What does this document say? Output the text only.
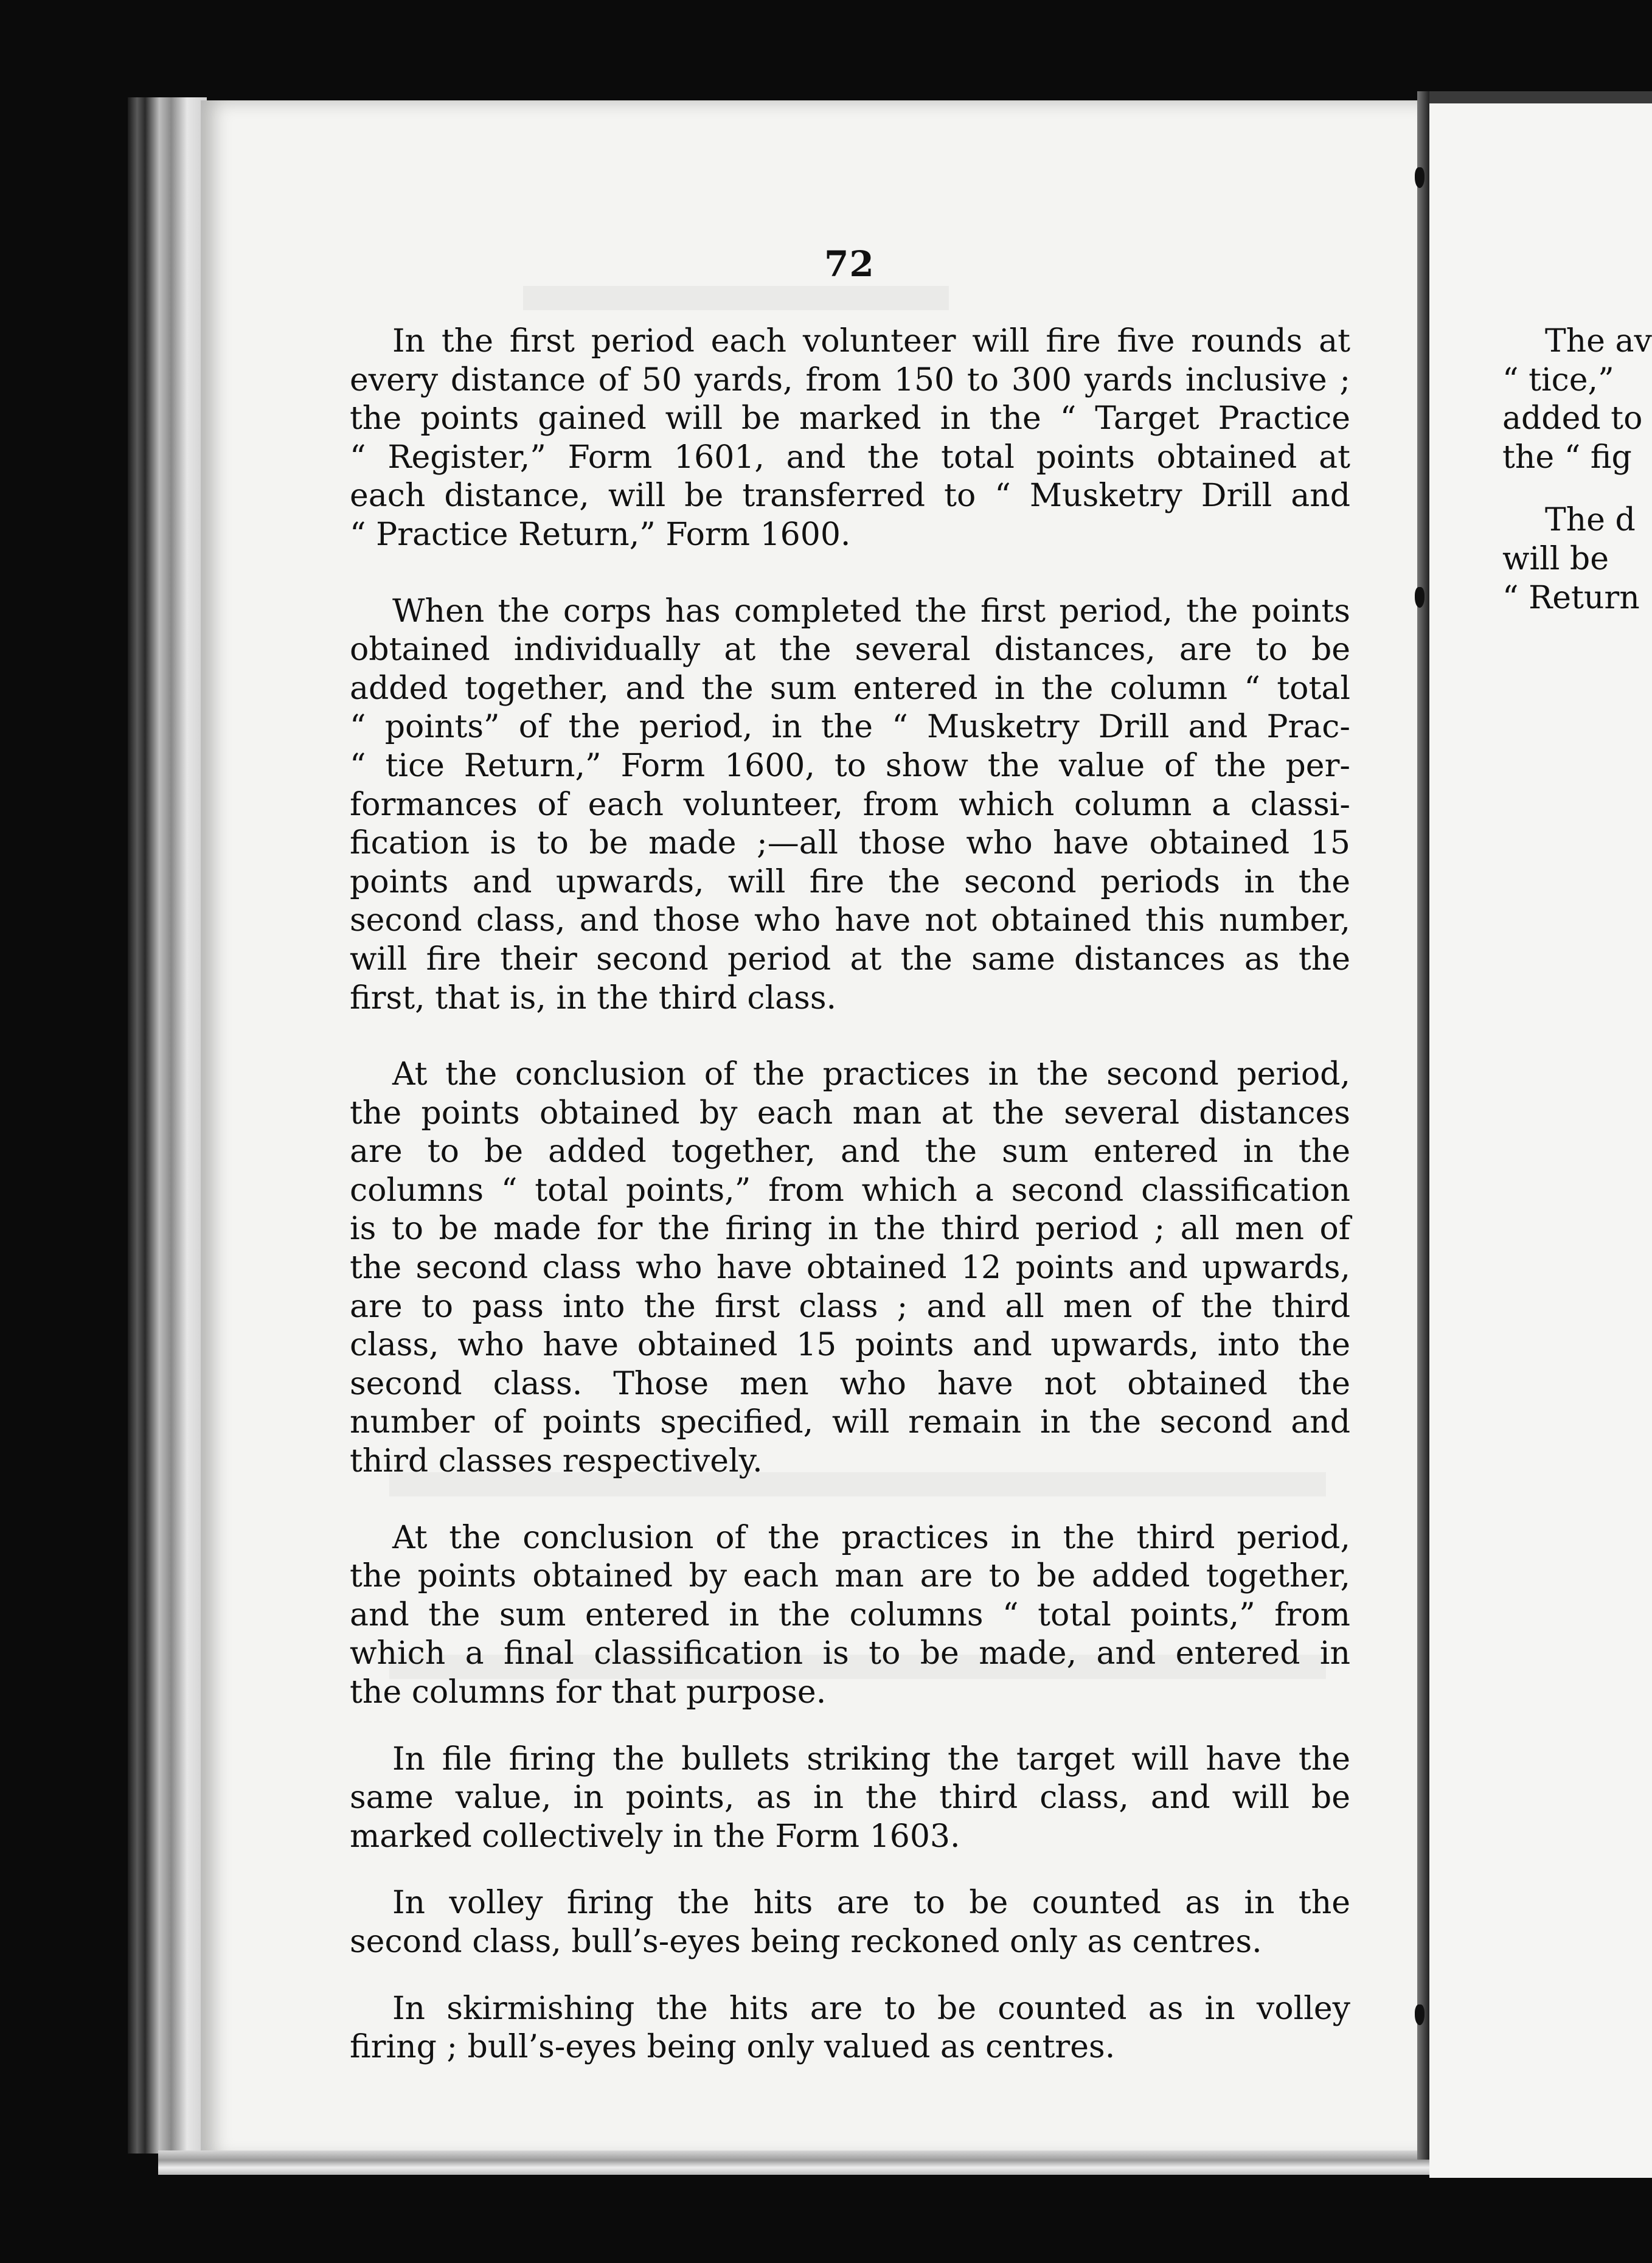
72

In the first period each volunteer will fire five rounds at
every distance of 50 yards, from 150 to 300 yards inclusive ;
the points gained will be marked in the “ Target Practice
“ Register,” Form 1601, and the total points obtained at
each distance, will be transferred to “ Musketry Drill and
“ Practice Return,” Form 1600.

When the corps has completed the first period, the points
obtained individually at the several distances, are to be
added together, and the sum entered in the column “ total
“ points” of the period, in the “ Musketry Drill and Prac-
“ tice Return,” Form 1600, to show the value of the per-
formances of each volunteer, from which column a classi-
fication is to be made ;—all those who have obtained 15
points and upwards, will fire the second periods in the
second class, and those who have not obtained this number,
will fire their second period at the same distances as the
first, that is, in the third class.

At the conclusion of the practices in the second period,
the points obtained by each man at the several distances
are to be added together, and the sum entered in the
columns “ total points,” from which a second classification
is to be made for the firing in the third period ; all men of
the second class who have obtained 12 points and upwards,
are to pass into the first class ; and all men of the third
class, who have obtained 15 points and upwards, into the
second class. Those men who have not obtained the
number of points specified, will remain in the second and
third classes respectively.

At the conclusion of the practices in the third period,
the points obtained by each man are to be added together,
and the sum entered in the columns “ total points,” from
which a final classification is to be made, and entered in
the columns for that purpose.

In file firing the bullets striking the target will have the
same value, in points, as in the third class, and will be
marked collectively in the Form 1603.

In volley firing the hits are to be counted as in the
second class, bull’s-eyes being reckoned only as centres.

In skirmishing the hits are to be counted as in volley
firing ; bull’s-eyes being only valued as centres.

The av
“ tice,”
added to
the “ fig
The d
will be
“ Return
